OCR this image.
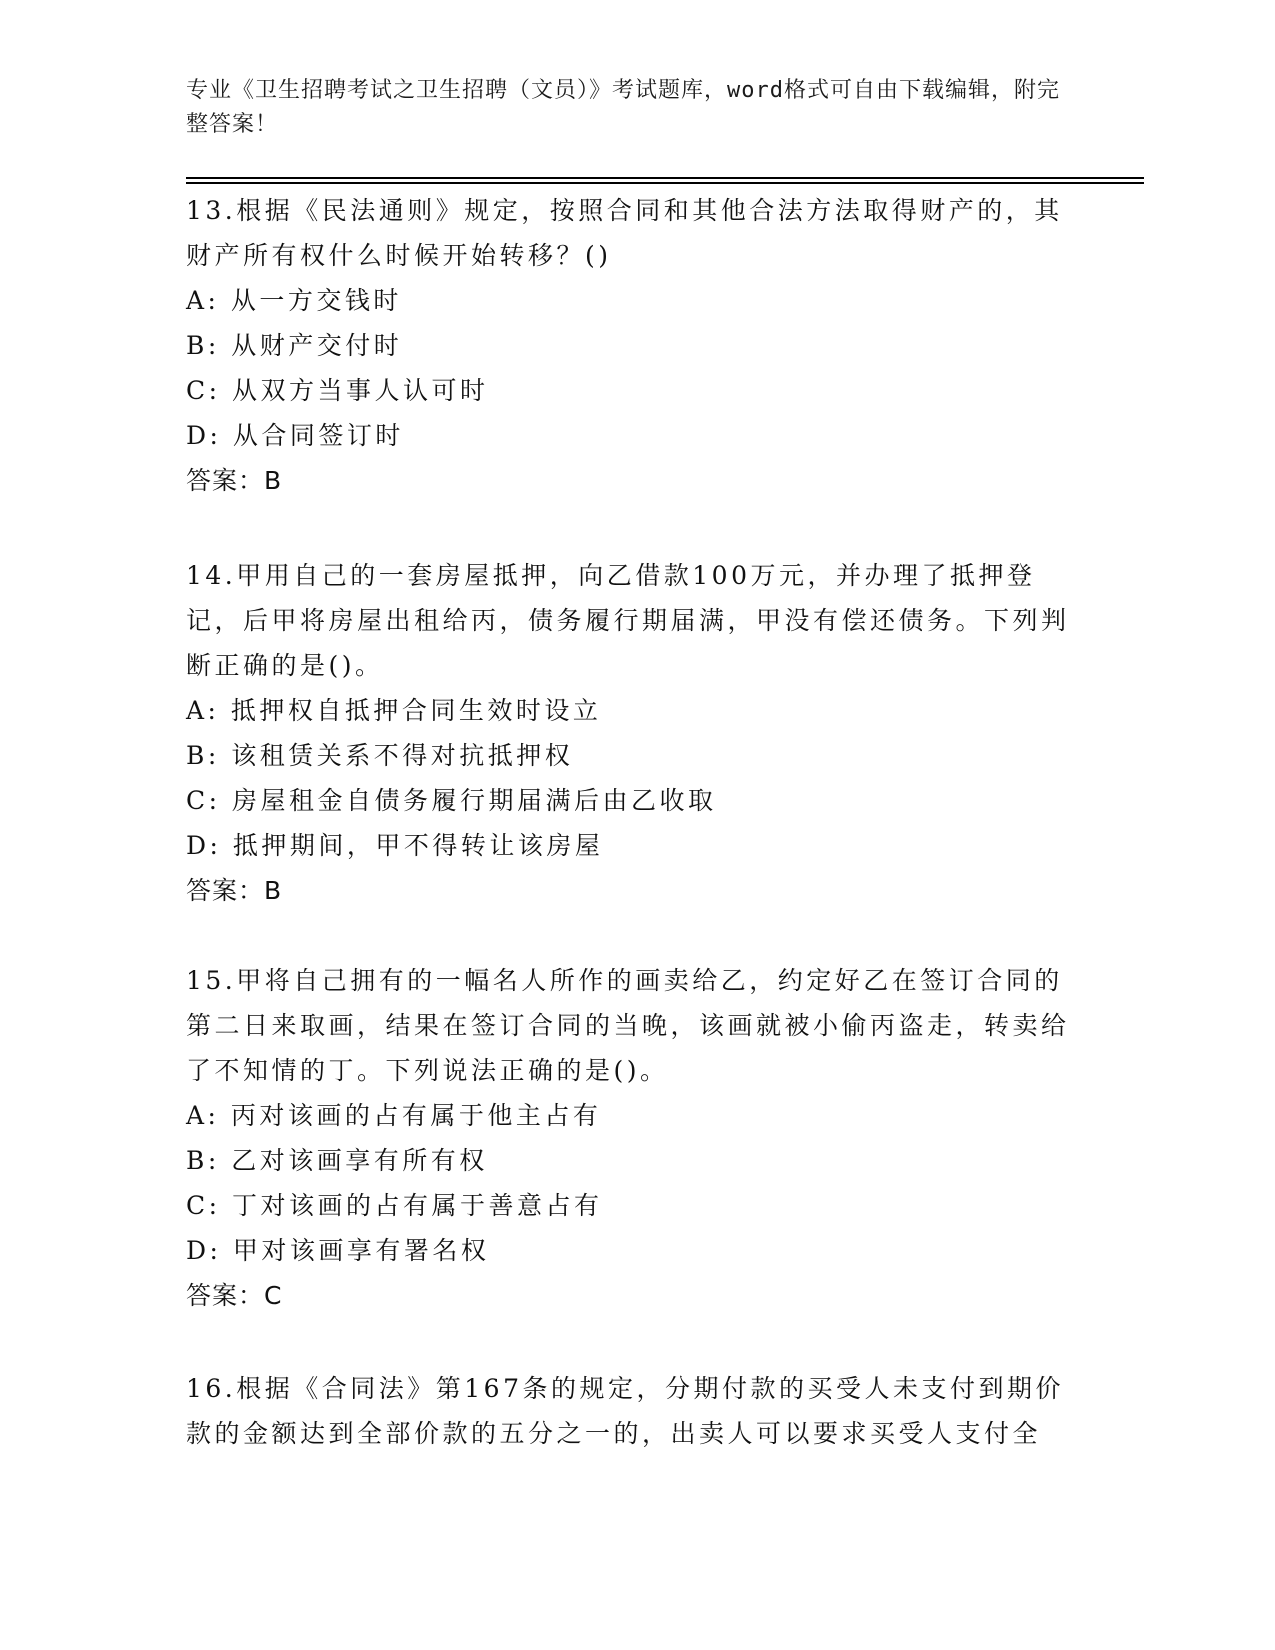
专业《卫生招聘考试之卫生招聘（文员）》考试题库，word格式可自由下载编辑，附完整答案！

13.根据《民法通则》规定，按照合同和其他合法方法取得财产的，其财产所有权什么时候开始转移？()

A: 从一方交钱时
B: 从财产交付时
C: 从双方当事人认可时
D: 从合同签订时
答案：B

14.甲用自己的一套房屋抵押，向乙借款100万元，并办理了抵押登记，后甲将房屋出租给丙，债务履行期届满，甲没有偿还债务。下列判断正确的是()。

A: 抵押权自抵押合同生效时设立
B: 该租赁关系不得对抗抵押权
C: 房屋租金自债务履行期届满后由乙收取
D: 抵押期间，甲不得转让该房屋
答案：B

15.甲将自己拥有的一幅名人所作的画卖给乙，约定好乙在签订合同的第二日来取画，结果在签订合同的当晚，该画就被小偷丙盗走，转卖给了不知情的丁。下列说法正确的是()。

A: 丙对该画的占有属于他主占有
B: 乙对该画享有所有权
C: 丁对该画的占有属于善意占有
D: 甲对该画享有署名权
答案：C

16.根据《合同法》第167条的规定，分期付款的买受人未支付到期价款的金额达到全部价款的五分之一的，出卖人可以要求买受人支付全
